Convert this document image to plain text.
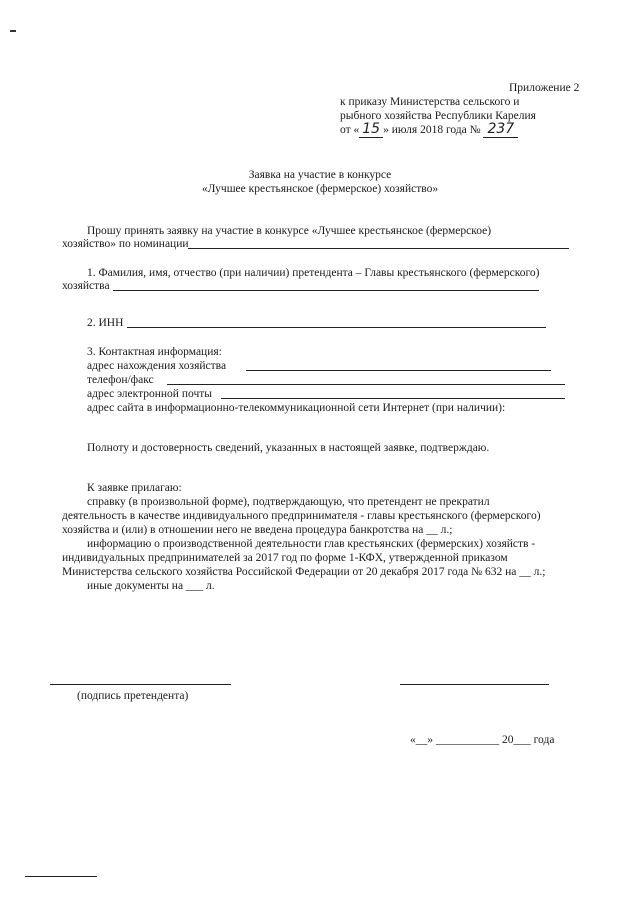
Приложение 2
к приказу Министерства сельского и
рыбного хозяйства Республики Карелия
от « 15 » июля 2018 года № 237
Заявка на участие в конкурсе
«Лучшее крестьянское (фермерское) хозяйство»
Прошу принять заявку на участие в конкурсе «Лучшее крестьянское (фермерское)
хозяйство» по номинации
1. Фамилия, имя, отчество (при наличии) претендента – Главы крестьянского (фермерского)
хозяйства
2. ИНН
3. Контактная информация:
адрес нахождения хозяйства
телефон/факс
адрес электронной почты
адрес сайта в информационно-телекоммуникационной сети Интернет (при наличии):
Полноту и достоверность сведений, указанных в настоящей заявке, подтверждаю.
К заявке прилагаю:
справку (в произвольной форме), подтверждающую, что претендент не прекратил
деятельность в качестве индивидуального предпринимателя - главы крестьянского (фермерского)
хозяйства и (или) в отношении него не введена процедура банкротства на __ л.;
информацию о производственной деятельности глав крестьянских (фермерских) хозяйств -
индивидуальных предпринимателей за 2017 год по форме 1-КФХ, утвержденной приказом
Министерства сельского хозяйства Российской Федерации от 20 декабря 2017 года № 632 на __ л.;
иные документы на ___ л.
(подпись претендента)
«__» ___________ 20___ года
